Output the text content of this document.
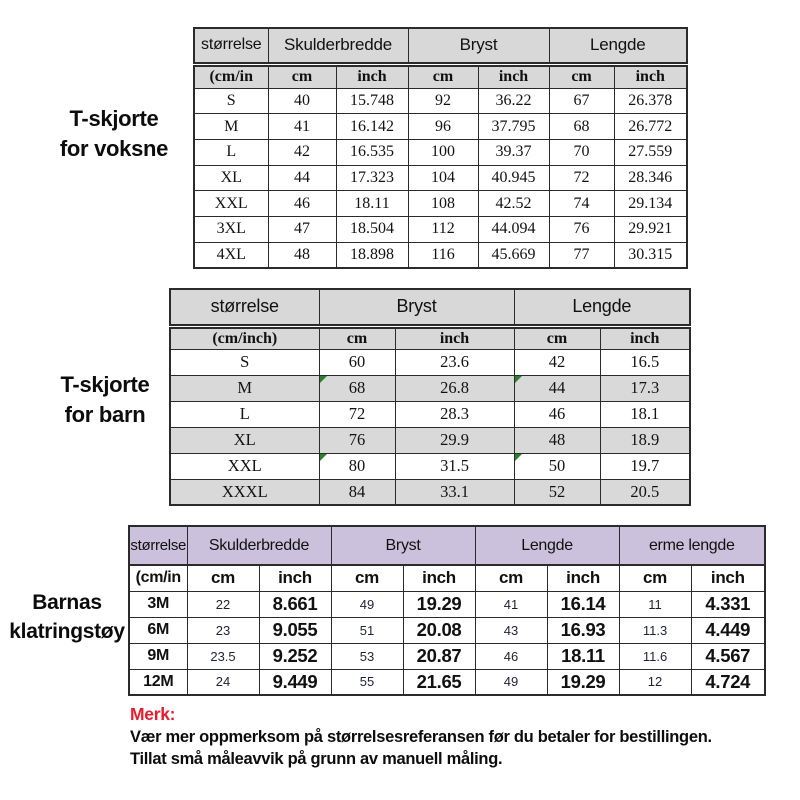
T-skjorte
for voksne
størrelse	Skulderbredde		Bryst		Lengde	
(cm/in	cm	inch	cm	inch	cm	inch
S	40	15.748	92	36.22	67	26.378
M	41	16.142	96	37.795	68	26.772
L	42	16.535	100	39.37	70	27.559
XL	44	17.323	104	40.945	72	28.346
XXL	46	18.11	108	42.52	74	29.134
3XL	47	18.504	112	44.094	76	29.921
4XL	48	18.898	116	45.669	77	30.315
T-skjorte
for barn
størrelse	Bryst		Lengde	
(cm/inch)	cm	inch	cm	inch
S	60	23.6	42	16.5
M	68	26.8	44	17.3
L	72	28.3	46	18.1
XL	76	29.9	48	18.9
XXL	80	31.5	50	19.7
XXXL	84	33.1	52	20.5
Barnas
klatringstøy
størrelse	Skulderbredde		Bryst		Lengde		erme lengde	
(cm/in	cm	inch	cm	inch	cm	inch	cm	inch
3M	22	8.661	49	19.29	41	16.14	11	4.331
6M	23	9.055	51	20.08	43	16.93	11.3	4.449
9M	23.5	9.252	53	20.87	46	18.11	11.6	4.567
12M	24	9.449	55	21.65	49	19.29	12	4.724
Merk:
Vær mer oppmerksom på størrelsesreferansen før du betaler for bestillingen.
Tillat små måleavvik på grunn av manuell måling.
